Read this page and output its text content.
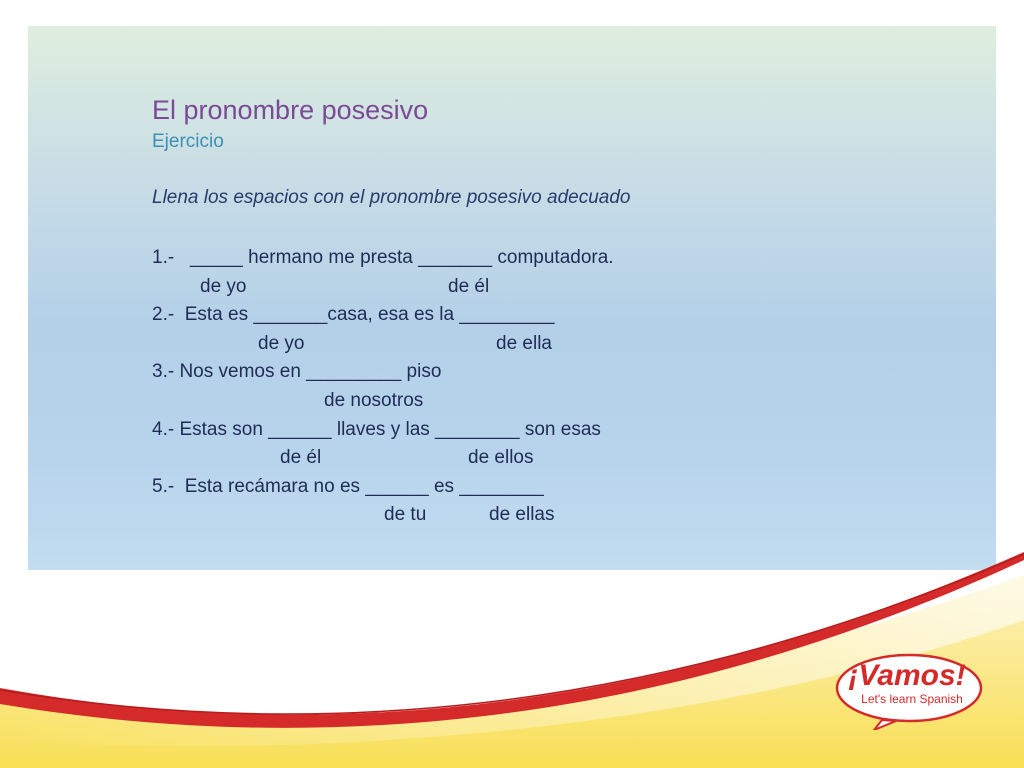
El pronombre posesivo
Ejercicio
Llena los espacios con el pronombre posesivo adecuado
1.-   _____ hermano me presta _______ computadora.

de yo

	de él

2.-  Esta es _______casa, esa es la _________

de yo

	de ella

3.- Nos vemos en _________ piso

de nosotros

4.- Estas son ______ llaves y las ________ son esas

de él

	de ellos

5.-  Esta recámara no es ______ es ________

de tu

	de ellas

¡Vamos!
Let's learn Spanish
